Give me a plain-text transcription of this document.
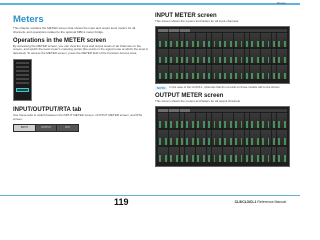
Meters
Meters

This chapter explains the METER screen that shows the input and output level meters for all channels, and operations related to the optional MBCL meter bridge.

Operations in the METER screen

By accessing the METER screen, you can view the input and output levels of all channels on the screen, and switch the level meter's metering points (the points in the signal route at which the level is detected). To access the METER screen, press the METER field of the Function Access Area.

INPUT/OUTPUT/RTA tab

Use these tabs to switch between the INPUT METER screen, OUTPUT METER screen, and RTA screen.

INPUT	OUTPUT	RTA
INPUT METER screen

This screen shows the meters and faders for all input channels.

NOTE	In the case of the CL3/CL1, channels that do not exist on those models will not be shown.
OUTPUT METER screen

This screen shows the meters and faders for all output channels.

119	CL5/CL3/CL1 Reference Manual
